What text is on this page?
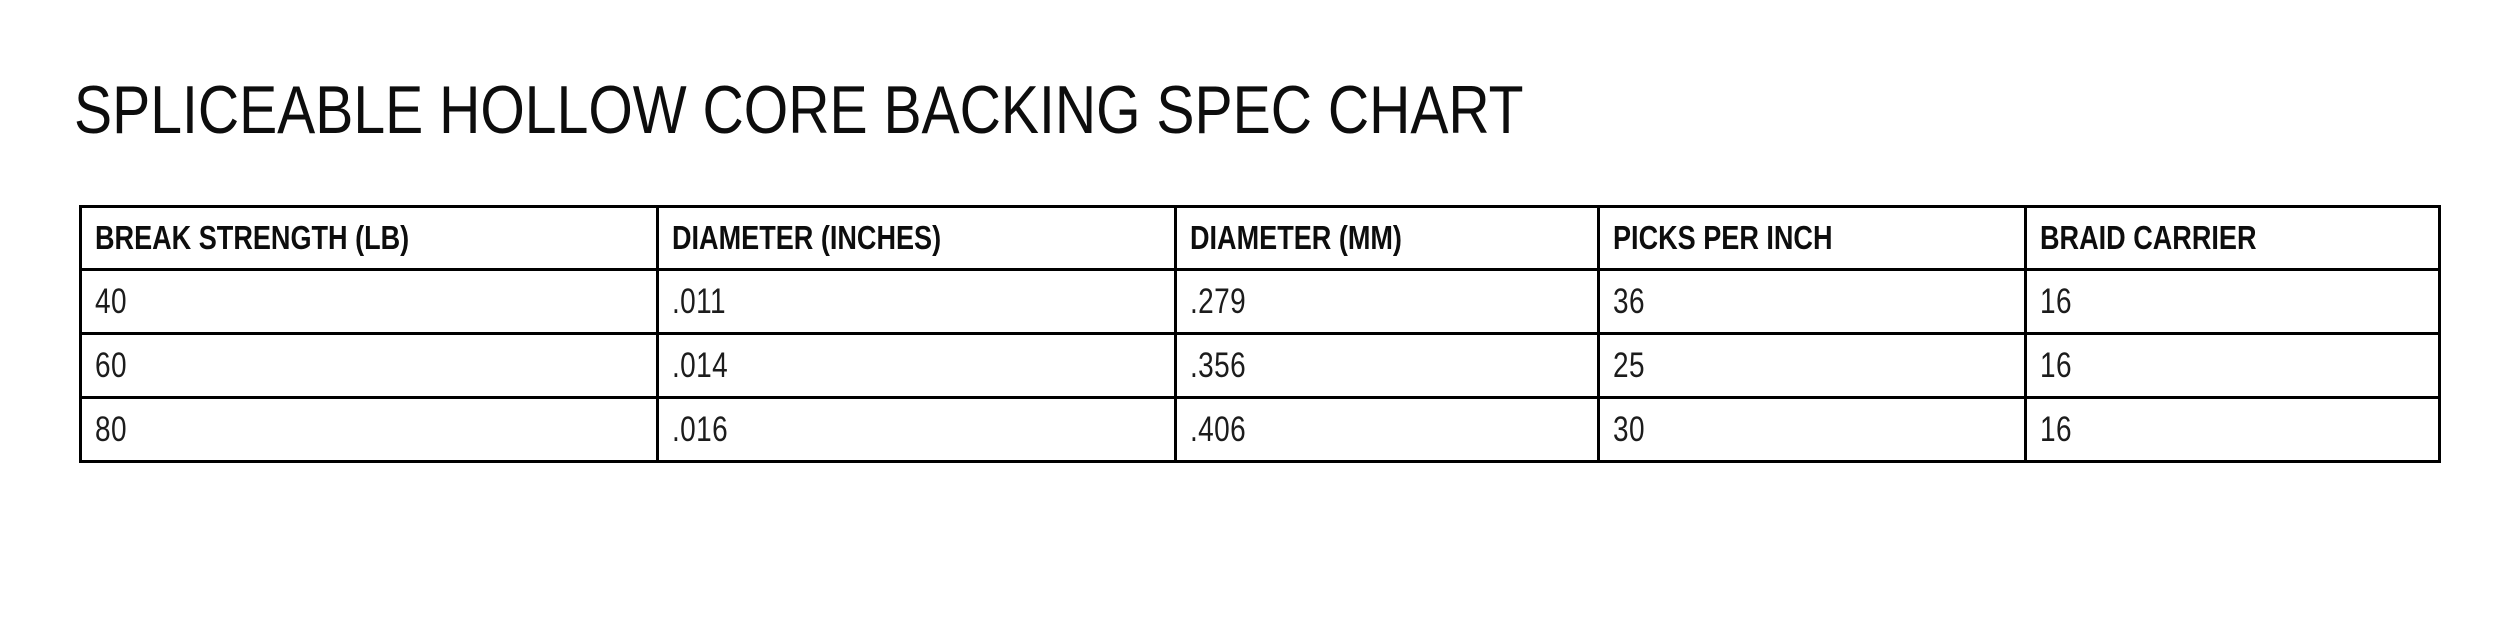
SPLICEABLE HOLLOW CORE BACKING SPEC CHART
BREAK STRENGTH (LB)	DIAMETER (INCHES)	DIAMETER (MM)	PICKS PER INCH	BRAID CARRIER
40	.011	.279	36	16
60	.014	.356	25	16
80	.016	.406	30	16
